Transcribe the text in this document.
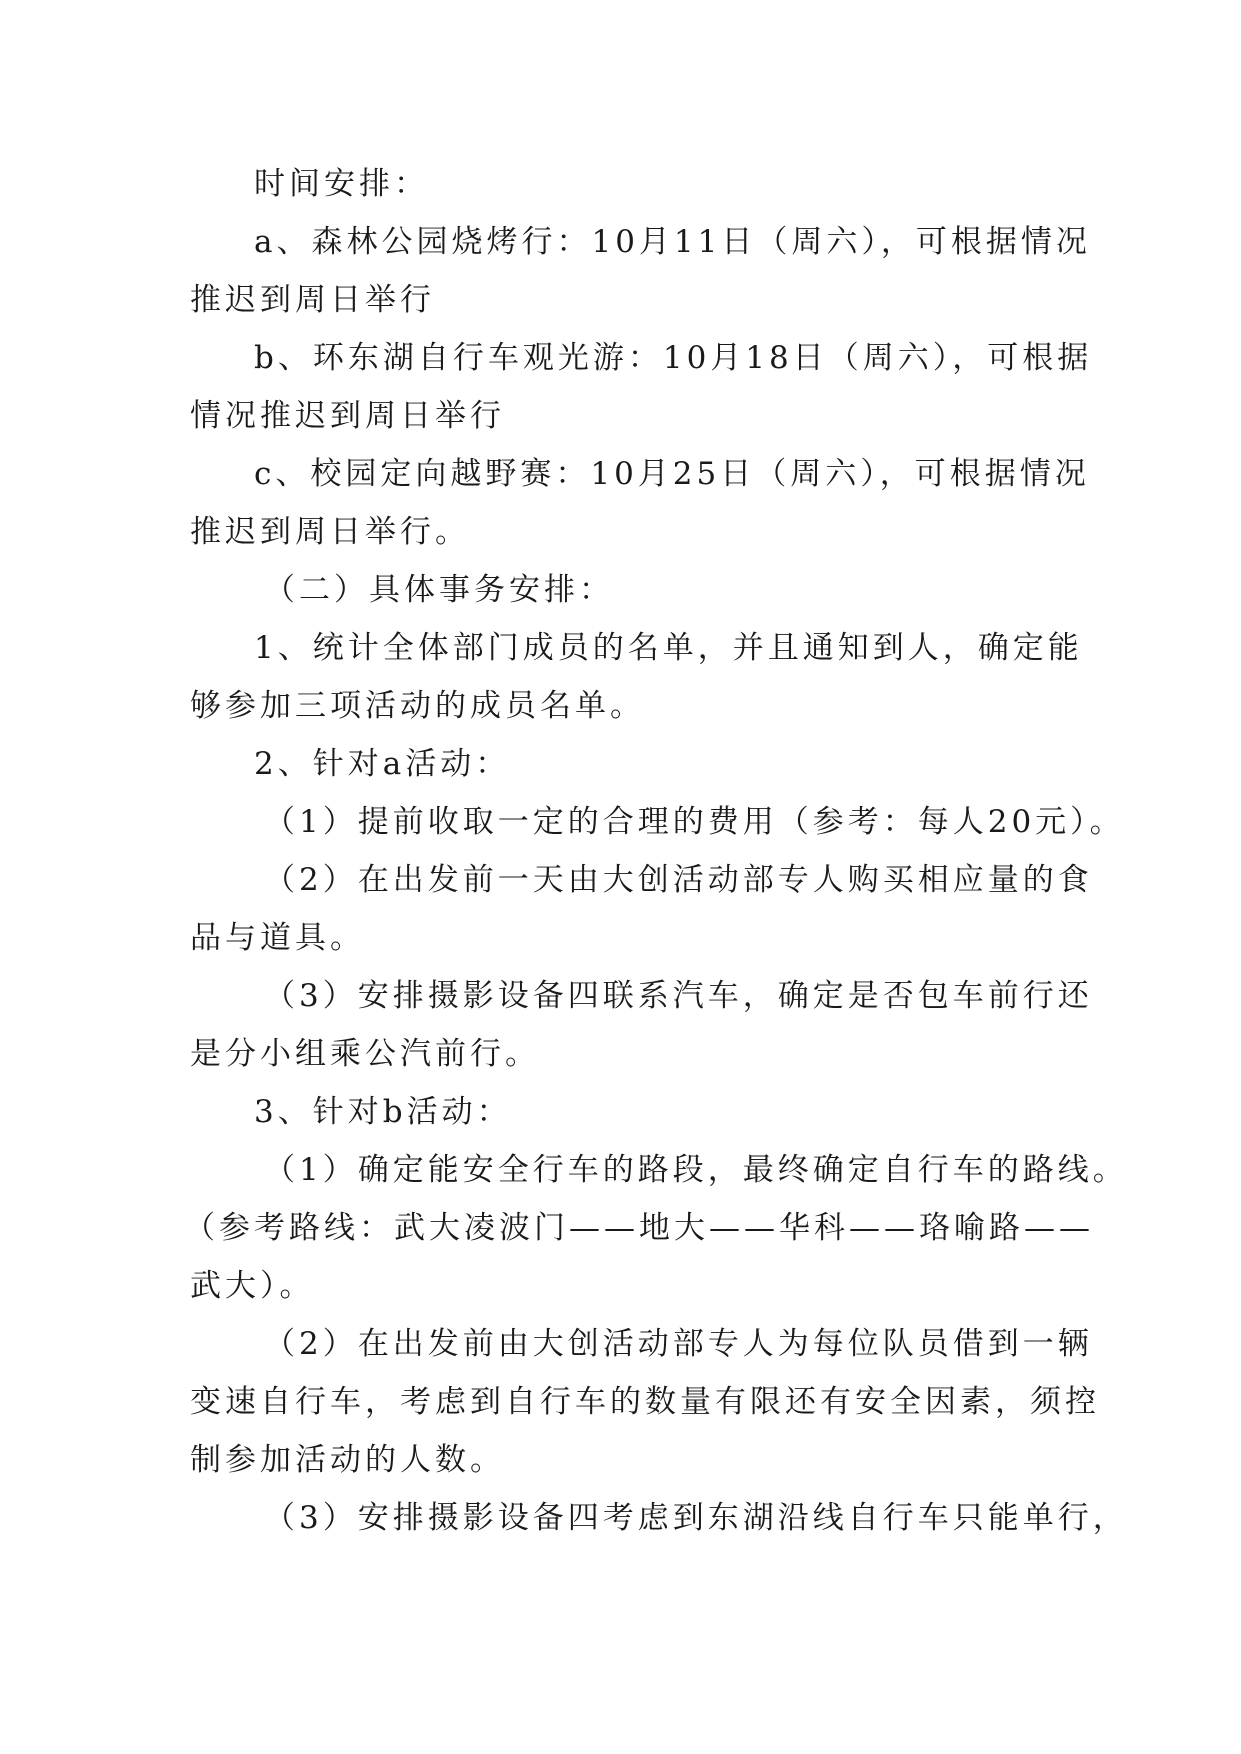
时间安排：
a、森林公园烧烤行：10月11日（周六），可根据情况
推迟到周日举行
b、环东湖自行车观光游：10月18日（周六），可根据
情况推迟到周日举行
c、校园定向越野赛：10月25日（周六），可根据情况
推迟到周日举行。
（二）具体事务安排：
1、统计全体部门成员的名单，并且通知到人，确定能
够参加三项活动的成员名单。
2、针对a活动：
（1）提前收取一定的合理的费用（参考：每人20元）。
（2）在出发前一天由大创活动部专人购买相应量的食
品与道具。
（3）安排摄影设备四联系汽车，确定是否包车前行还
是分小组乘公汽前行。
3、针对b活动：
（1）确定能安全行车的路段，最终确定自行车的路线。
（参考路线：武大凌波门——地大——华科——珞喻路——
武大）。
（2）在出发前由大创活动部专人为每位队员借到一辆
变速自行车，考虑到自行车的数量有限还有安全因素，须控
制参加活动的人数。
（3）安排摄影设备四考虑到东湖沿线自行车只能单行，
